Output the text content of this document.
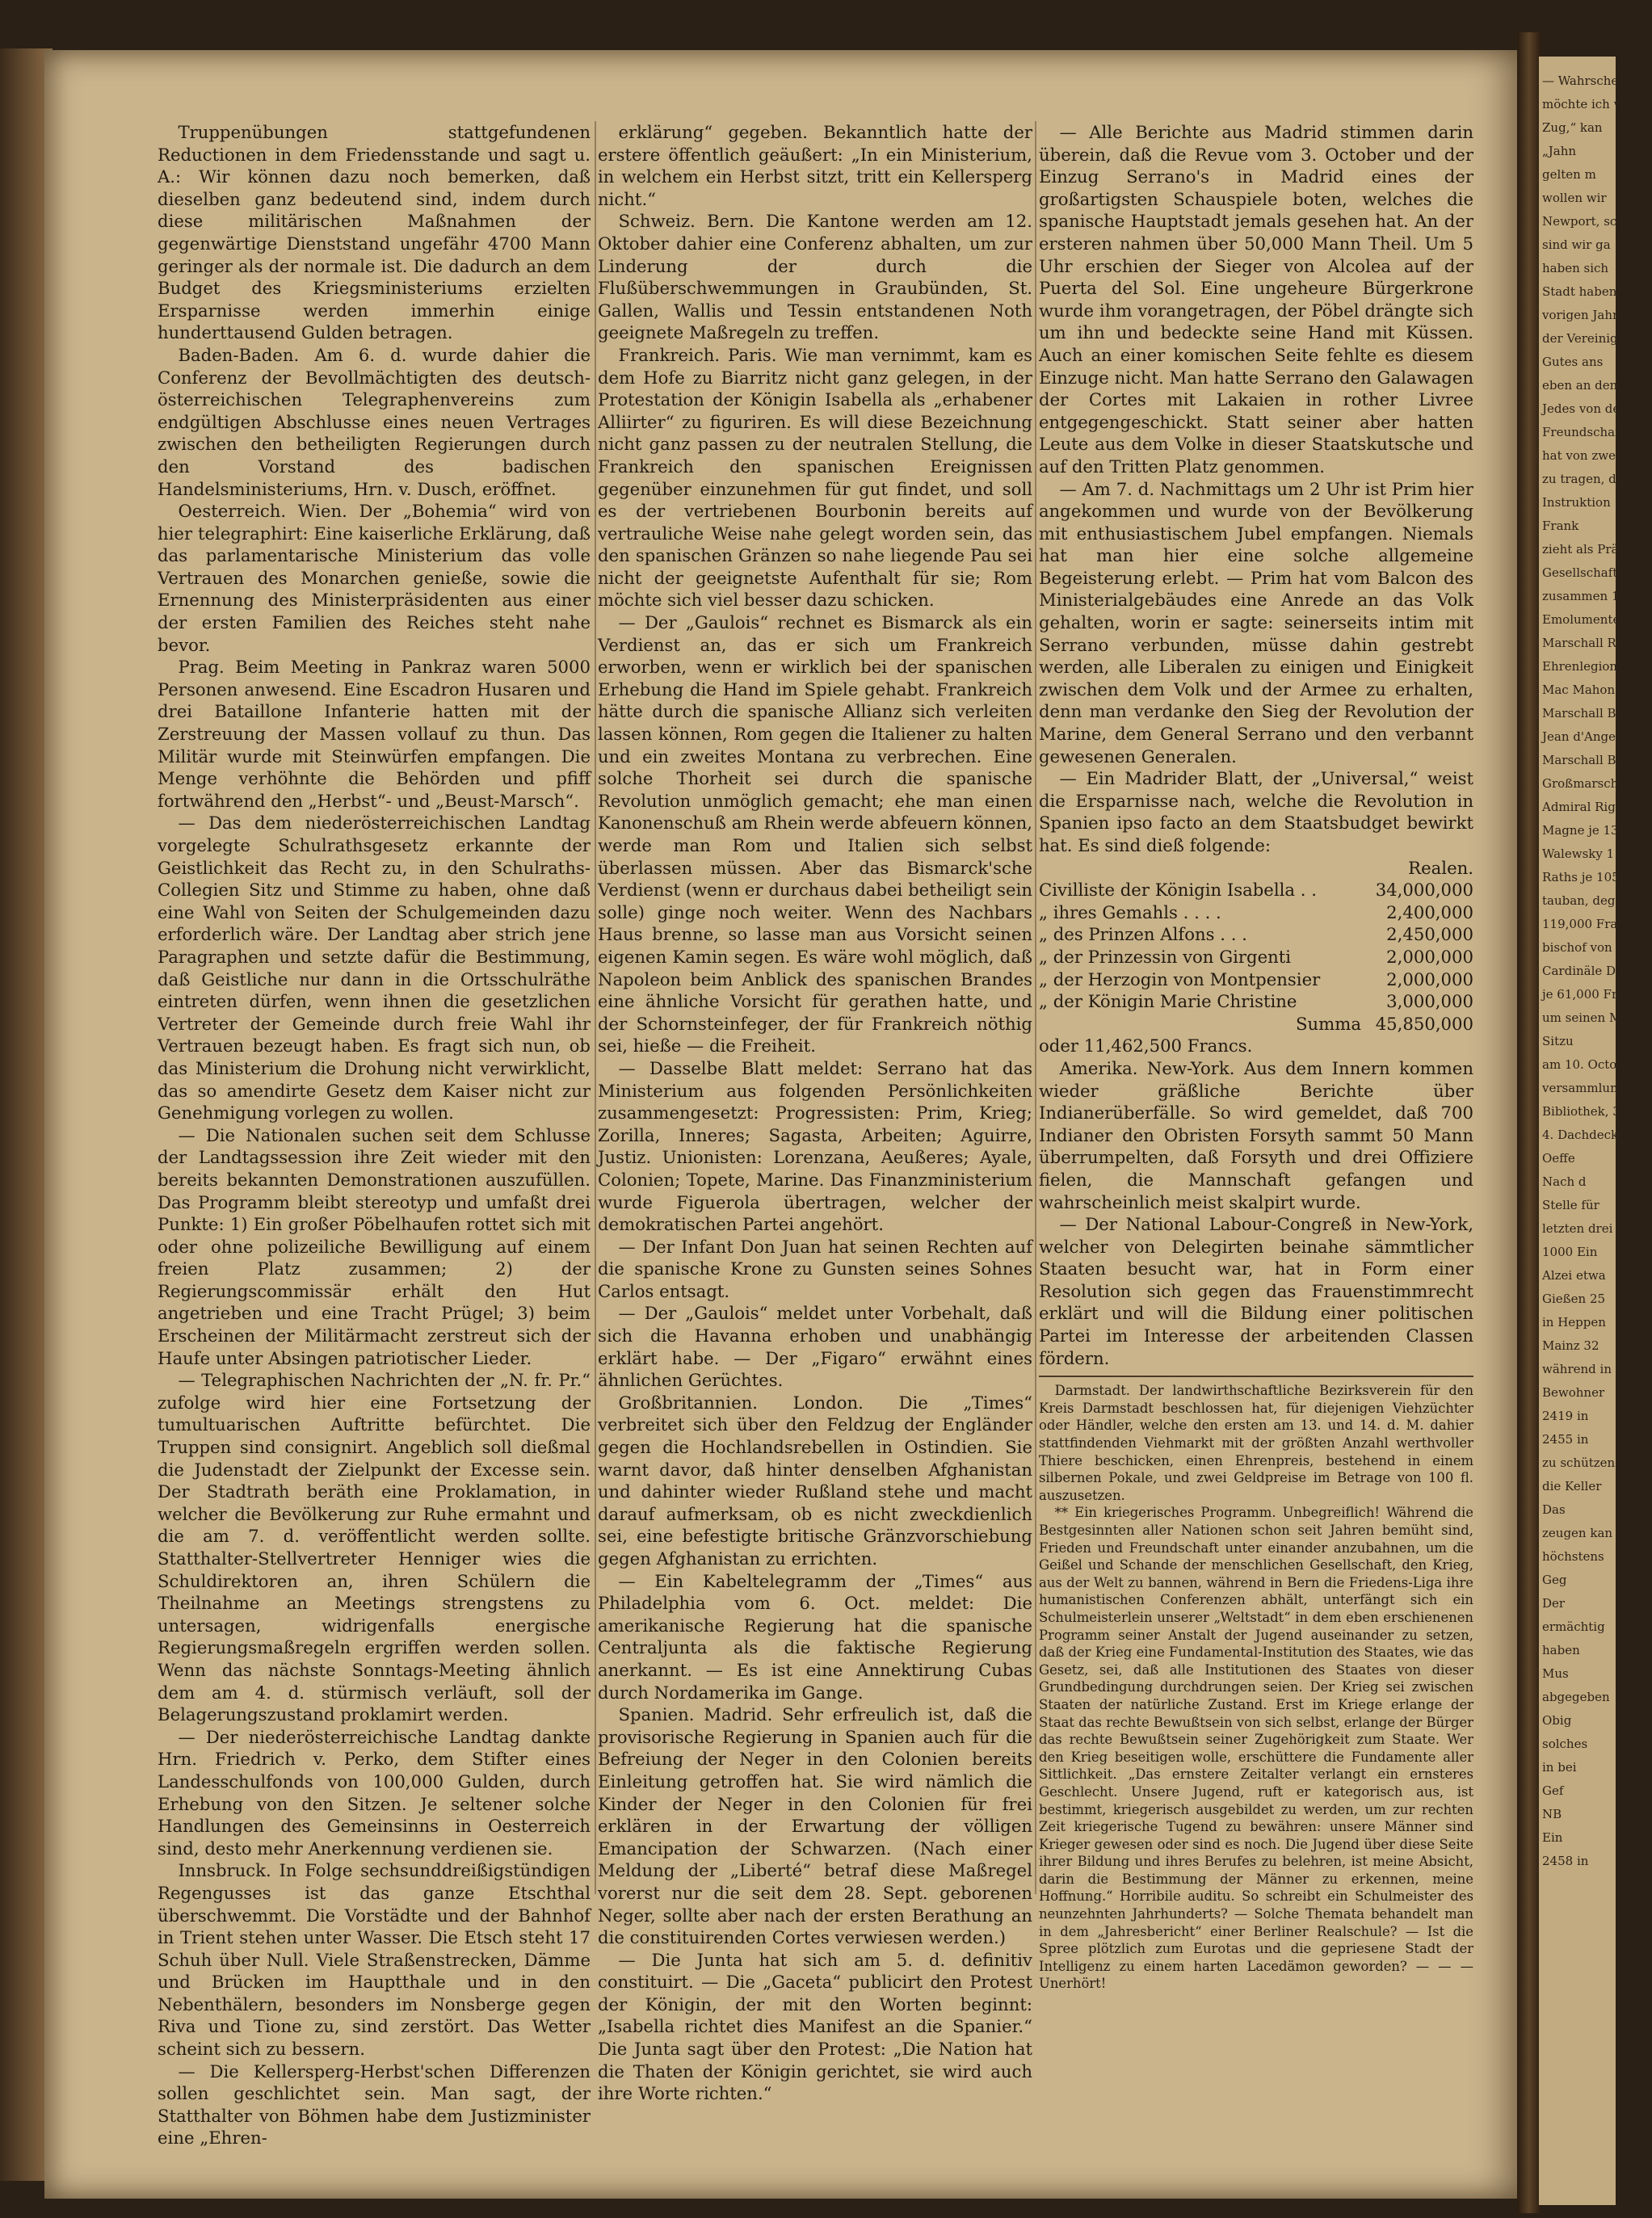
Truppenübungen stattgefundenen Reductionen in dem Friedensstande und sagt u. A.: Wir können dazu noch bemerken, daß dieselben ganz bedeutend sind, indem durch diese militärischen Maßnahmen der gegenwärtige Dienststand ungefähr 4700 Mann geringer als der normale ist. Die dadurch an dem Budget des Kriegsministeriums erzielten Ersparnisse werden immerhin einige hunderttausend Gulden betragen.

Baden-Baden. Am 6. d. wurde dahier die Conferenz der Bevollmächtigten des deutsch-österreichischen Telegraphenvereins zum endgültigen Abschlusse eines neuen Vertrages zwischen den betheiligten Regierungen durch den Vorstand des badischen Handelsministeriums, Hrn. v. Dusch, eröffnet.

Oesterreich. Wien. Der „Bohemia“ wird von hier telegraphirt: Eine kaiserliche Erklärung, daß das parlamentarische Ministerium das volle Vertrauen des Monarchen genieße, sowie die Ernennung des Ministerpräsidenten aus einer der ersten Familien des Reiches steht nahe bevor.

Prag. Beim Meeting in Pankraz waren 5000 Personen anwesend. Eine Escadron Husaren und drei Bataillone Infanterie hatten mit der Zerstreuung der Massen vollauf zu thun. Das Militär wurde mit Steinwürfen empfangen. Die Menge verhöhnte die Behörden und pfiff fortwährend den „Herbst“- und „Beust-Marsch“.

— Das dem niederösterreichischen Landtag vorgelegte Schulrathsgesetz erkannte der Geistlichkeit das Recht zu, in den Schulraths-Collegien Sitz und Stimme zu haben, ohne daß eine Wahl von Seiten der Schulgemeinden dazu erforderlich wäre. Der Landtag aber strich jene Paragraphen und setzte dafür die Bestimmung, daß Geistliche nur dann in die Ortsschulräthe eintreten dürfen, wenn ihnen die gesetzlichen Vertreter der Gemeinde durch freie Wahl ihr Vertrauen bezeugt haben. Es fragt sich nun, ob das Ministerium die Drohung nicht verwirklicht, das so amendirte Gesetz dem Kaiser nicht zur Genehmigung vorlegen zu wollen.

— Die Nationalen suchen seit dem Schlusse der Landtagssession ihre Zeit wieder mit den bereits bekannten Demonstrationen auszufüllen. Das Programm bleibt stereotyp und umfaßt drei Punkte: 1) Ein großer Pöbelhaufen rottet sich mit oder ohne polizeiliche Bewilligung auf einem freien Platz zusammen; 2) der Regierungscommissär erhält den Hut angetrieben und eine Tracht Prügel; 3) beim Erscheinen der Militärmacht zerstreut sich der Haufe unter Absingen patriotischer Lieder.

— Telegraphischen Nachrichten der „N. fr. Pr.“ zufolge wird hier eine Fortsetzung der tumultuarischen Auftritte befürchtet. Die Truppen sind consignirt. Angeblich soll dießmal die Judenstadt der Zielpunkt der Excesse sein. Der Stadtrath beräth eine Proklamation, in welcher die Bevölkerung zur Ruhe ermahnt und die am 7. d. veröffentlicht werden sollte. Statthalter-Stellvertreter Henniger wies die Schuldirektoren an, ihren Schülern die Theilnahme an Meetings strengstens zu untersagen, widrigenfalls energische Regierungsmaßregeln ergriffen werden sollen. Wenn das nächste Sonntags-Meeting ähnlich dem am 4. d. stürmisch verläuft, soll der Belagerungszustand proklamirt werden.

— Der niederösterreichische Landtag dankte Hrn. Friedrich v. Perko, dem Stifter eines Landesschulfonds von 100,000 Gulden, durch Erhebung von den Sitzen. Je seltener solche Handlungen des Gemeinsinns in Oesterreich sind, desto mehr Anerkennung verdienen sie.

Innsbruck. In Folge sechsunddreißigstündigen Regengusses ist das ganze Etschthal überschwemmt. Die Vorstädte und der Bahnhof in Trient stehen unter Wasser. Die Etsch steht 17 Schuh über Null. Viele Straßenstrecken, Dämme und Brücken im Hauptthale und in den Nebenthälern, besonders im Nonsberge gegen Riva und Tione zu, sind zerstört. Das Wetter scheint sich zu bessern.

— Die Kellersperg-Herbst'schen Differenzen sollen geschlichtet sein. Man sagt, der Statthalter von Böhmen habe dem Justizminister eine „Ehren-

erklärung“ gegeben. Bekanntlich hatte der erstere öffentlich geäußert: „In ein Ministerium, in welchem ein Herbst sitzt, tritt ein Kellersperg nicht.“

Schweiz. Bern. Die Kantone werden am 12. Oktober dahier eine Conferenz abhalten, um zur Linderung der durch die Flußüberschwemmungen in Graubünden, St. Gallen, Wallis und Tessin entstandenen Noth geeignete Maßregeln zu treffen.

Frankreich. Paris. Wie man vernimmt, kam es dem Hofe zu Biarritz nicht ganz gelegen, in der Protestation der Königin Isabella als „erhabener Alliirter“ zu figuriren. Es will diese Bezeichnung nicht ganz passen zu der neutralen Stellung, die Frankreich den spanischen Ereignissen gegenüber einzunehmen für gut findet, und soll es der vertriebenen Bourbonin bereits auf vertrauliche Weise nahe gelegt worden sein, das den spanischen Gränzen so nahe liegende Pau sei nicht der geeignetste Aufenthalt für sie; Rom möchte sich viel besser dazu schicken.

— Der „Gaulois“ rechnet es Bismarck als ein Verdienst an, das er sich um Frankreich erworben, wenn er wirklich bei der spanischen Erhebung die Hand im Spiele gehabt. Frankreich hätte durch die spanische Allianz sich verleiten lassen können, Rom gegen die Italiener zu halten und ein zweites Montana zu verbrechen. Eine solche Thorheit sei durch die spanische Revolution unmöglich gemacht; ehe man einen Kanonenschuß am Rhein werde abfeuern können, werde man Rom und Italien sich selbst überlassen müssen. Aber das Bismarck'sche Verdienst (wenn er durchaus dabei betheiligt sein solle) ginge noch weiter. Wenn des Nachbars Haus brenne, so lasse man aus Vorsicht seinen eigenen Kamin segen. Es wäre wohl möglich, daß Napoleon beim Anblick des spanischen Brandes eine ähnliche Vorsicht für gerathen hatte, und der Schornsteinfeger, der für Frankreich nöthig sei, hieße — die Freiheit.

— Dasselbe Blatt meldet: Serrano hat das Ministerium aus folgenden Persönlichkeiten zusammengesetzt: Progressisten: Prim, Krieg; Zorilla, Inneres; Sagasta, Arbeiten; Aguirre, Justiz. Unionisten: Lorenzana, Aeußeres; Ayale, Colonien; Topete, Marine. Das Finanzministerium wurde Figuerola übertragen, welcher der demokratischen Partei angehört.

— Der Infant Don Juan hat seinen Rechten auf die spanische Krone zu Gunsten seines Sohnes Carlos entsagt.

— Der „Gaulois“ meldet unter Vorbehalt, daß sich die Havanna erhoben und unabhängig erklärt habe. — Der „Figaro“ erwähnt eines ähnlichen Gerüchtes.

Großbritannien. London. Die „Times“ verbreitet sich über den Feldzug der Engländer gegen die Hochlandsrebellen in Ostindien. Sie warnt davor, daß hinter denselben Afghanistan und dahinter wieder Rußland stehe und macht darauf aufmerksam, ob es nicht zweckdienlich sei, eine befestigte britische Gränzvorschiebung gegen Afghanistan zu errichten.

— Ein Kabeltelegramm der „Times“ aus Philadelphia vom 6. Oct. meldet: Die amerikanische Regierung hat die spanische Centraljunta als die faktische Regierung anerkannt. — Es ist eine Annektirung Cubas durch Nordamerika im Gange.

Spanien. Madrid. Sehr erfreulich ist, daß die provisorische Regierung in Spanien auch für die Befreiung der Neger in den Colonien bereits Einleitung getroffen hat. Sie wird nämlich die Kinder der Neger in den Colonien für frei erklären in der Erwartung der völligen Emancipation der Schwarzen. (Nach einer Meldung der „Liberté“ betraf diese Maßregel vorerst nur die seit dem 28. Sept. geborenen Neger, sollte aber nach der ersten Berathung an die constituirenden Cortes verwiesen werden.)

— Die Junta hat sich am 5. d. definitiv constituirt. — Die „Gaceta“ publicirt den Protest der Königin, der mit den Worten beginnt: „Isabella richtet dies Manifest an die Spanier.“ Die Junta sagt über den Protest: „Die Nation hat die Thaten der Königin gerichtet, sie wird auch ihre Worte richten.“

— Alle Berichte aus Madrid stimmen darin überein, daß die Revue vom 3. October und der Einzug Serrano's in Madrid eines der großartigsten Schauspiele boten, welches die spanische Hauptstadt jemals gesehen hat. An der ersteren nahmen über 50,000 Mann Theil. Um 5 Uhr erschien der Sieger von Alcolea auf der Puerta del Sol. Eine ungeheure Bürgerkrone wurde ihm vorangetragen, der Pöbel drängte sich um ihn und bedeckte seine Hand mit Küssen. Auch an einer komischen Seite fehlte es diesem Einzuge nicht. Man hatte Serrano den Galawagen der Cortes mit Lakaien in rother Livree entgegengeschickt. Statt seiner aber hatten Leute aus dem Volke in dieser Staatskutsche und auf den Tritten Platz genommen.

— Am 7. d. Nachmittags um 2 Uhr ist Prim hier angekommen und wurde von der Bevölkerung mit enthusiastischem Jubel empfangen. Niemals hat man hier eine solche allgemeine Begeisterung erlebt. — Prim hat vom Balcon des Ministerialgebäudes eine Anrede an das Volk gehalten, worin er sagte: seinerseits intim mit Serrano verbunden, müsse dahin gestrebt werden, alle Liberalen zu einigen und Einigkeit zwischen dem Volk und der Armee zu erhalten, denn man verdanke den Sieg der Revolution der Marine, dem General Serrano und den verbannt gewesenen Generalen.

— Ein Madrider Blatt, der „Universal,“ weist die Ersparnisse nach, welche die Revolution in Spanien ipso facto an dem Staatsbudget bewirkt hat. Es sind dieß folgende:

Realen.
Civilliste der Königin Isabella . .	34,000,000
„ ihres Gemahls . . . .	2,400,000
„ des Prinzen Alfons . . .	2,450,000
„ der Prinzessin von Girgenti	2,000,000
„ der Herzogin von Montpensier	2,000,000
„ der Königin Marie Christine	3,000,000
Summa	45,850,000

oder 11,462,500 Francs.

Amerika. New-York. Aus dem Innern kommen wieder gräßliche Berichte über Indianerüberfälle. So wird gemeldet, daß 700 Indianer den Obristen Forsyth sammt 50 Mann überrumpelten, daß Forsyth und drei Offiziere fielen, die Mannschaft gefangen und wahrscheinlich meist skalpirt wurde.

— Der National Labour-Congreß in New-York, welcher von Delegirten beinahe sämmtlicher Staaten besucht war, hat in Form einer Resolution sich gegen das Frauenstimmrecht erklärt und will die Bildung einer politischen Partei im Interesse der arbeitenden Classen fördern.

Darmstadt. Der landwirthschaftliche Bezirksverein für den Kreis Darmstadt beschlossen hat, für diejenigen Viehzüchter oder Händler, welche den ersten am 13. und 14. d. M. dahier stattfindenden Viehmarkt mit der größten Anzahl werthvoller Thiere beschicken, einen Ehrenpreis, bestehend in einem silbernen Pokale, und zwei Geldpreise im Betrage von 100 fl. auszusetzen.

** Ein kriegerisches Programm. Unbegreiflich! Während die Bestgesinnten aller Nationen schon seit Jahren bemüht sind, Frieden und Freundschaft unter einander anzubahnen, um die Geißel und Schande der menschlichen Gesellschaft, den Krieg, aus der Welt zu bannen, während in Bern die Friedens-Liga ihre humanistischen Conferenzen abhält, unterfängt sich ein Schulmeisterlein unserer „Weltstadt“ in dem eben erschienenen Programm seiner Anstalt der Jugend auseinander zu setzen, daß der Krieg eine Fundamental-Institution des Staates, wie das Gesetz, sei, daß alle Institutionen des Staates von dieser Grundbedingung durchdrungen seien. Der Krieg sei zwischen Staaten der natürliche Zustand. Erst im Kriege erlange der Staat das rechte Bewußtsein von sich selbst, erlange der Bürger das rechte Bewußtsein seiner Zugehörigkeit zum Staate. Wer den Krieg beseitigen wolle, erschüttere die Fundamente aller Sittlichkeit. „Das ernstere Zeitalter verlangt ein ernsteres Geschlecht. Unsere Jugend, ruft er kategorisch aus, ist bestimmt, kriegerisch ausgebildet zu werden, um zur rechten Zeit kriegerische Tugend zu bewähren: unsere Männer sind Krieger gewesen oder sind es noch. Die Jugend über diese Seite ihrer Bildung und ihres Berufes zu belehren, ist meine Absicht, darin die Bestimmung der Männer zu erkennen, meine Hoffnung.“ Horribile auditu. So schreibt ein Schulmeister des neunzehnten Jahrhunderts? — Solche Themata behandelt man in dem „Jahresbericht“ einer Berliner Realschule? — Ist die Spree plötzlich zum Eurotas und die gepriesene Stadt der Intelligenz zu einem harten Lacedämon geworden? — — — Unerhört!

— Wahrscheinlich
möchte ich wi
Zug,“ kan
„Jahn
gelten m
wollen wir
Newport, sche
sind wir ga
haben sich
Stadt haben
vorigen Jahr
der Vereinig
Gutes ans
eben an den
Jedes von den
Freundschaft
hat von zwei
zu tragen, das
Instruktion
Frank
zieht als Präs
Gesellschaft
zusammen 196
Emolumente
Marschall Ri
Ehrenlegion
Mac Mahon, C
Marschall Be
Jean d'Ange
Marschall Ba
Großmarschall
Admiral Rig
Magne je 13
Walewsky 1
Raths je 105
tauban, deg
119,000 Fra
bischof von
Cardinäle Do
je 61,000 Fr
um seinen M
Sitzu
am 10. October
versammlung
Bibliothek, 3.
4. Dachdeckung
Oeffe
Nach d
Stelle für
letzten drei
1000 Ein
Alzei etwa
Gießen 25
in Heppen
Mainz 32
während in
Bewohner
2419 in
2455 in
zu schützen
die Keller
Das
zeugen kan
höchstens
Geg
Der
ermächtig
haben
Mus
abgegeben
Obig
solches
in bei
Gef
NB
Ein
2458 in
